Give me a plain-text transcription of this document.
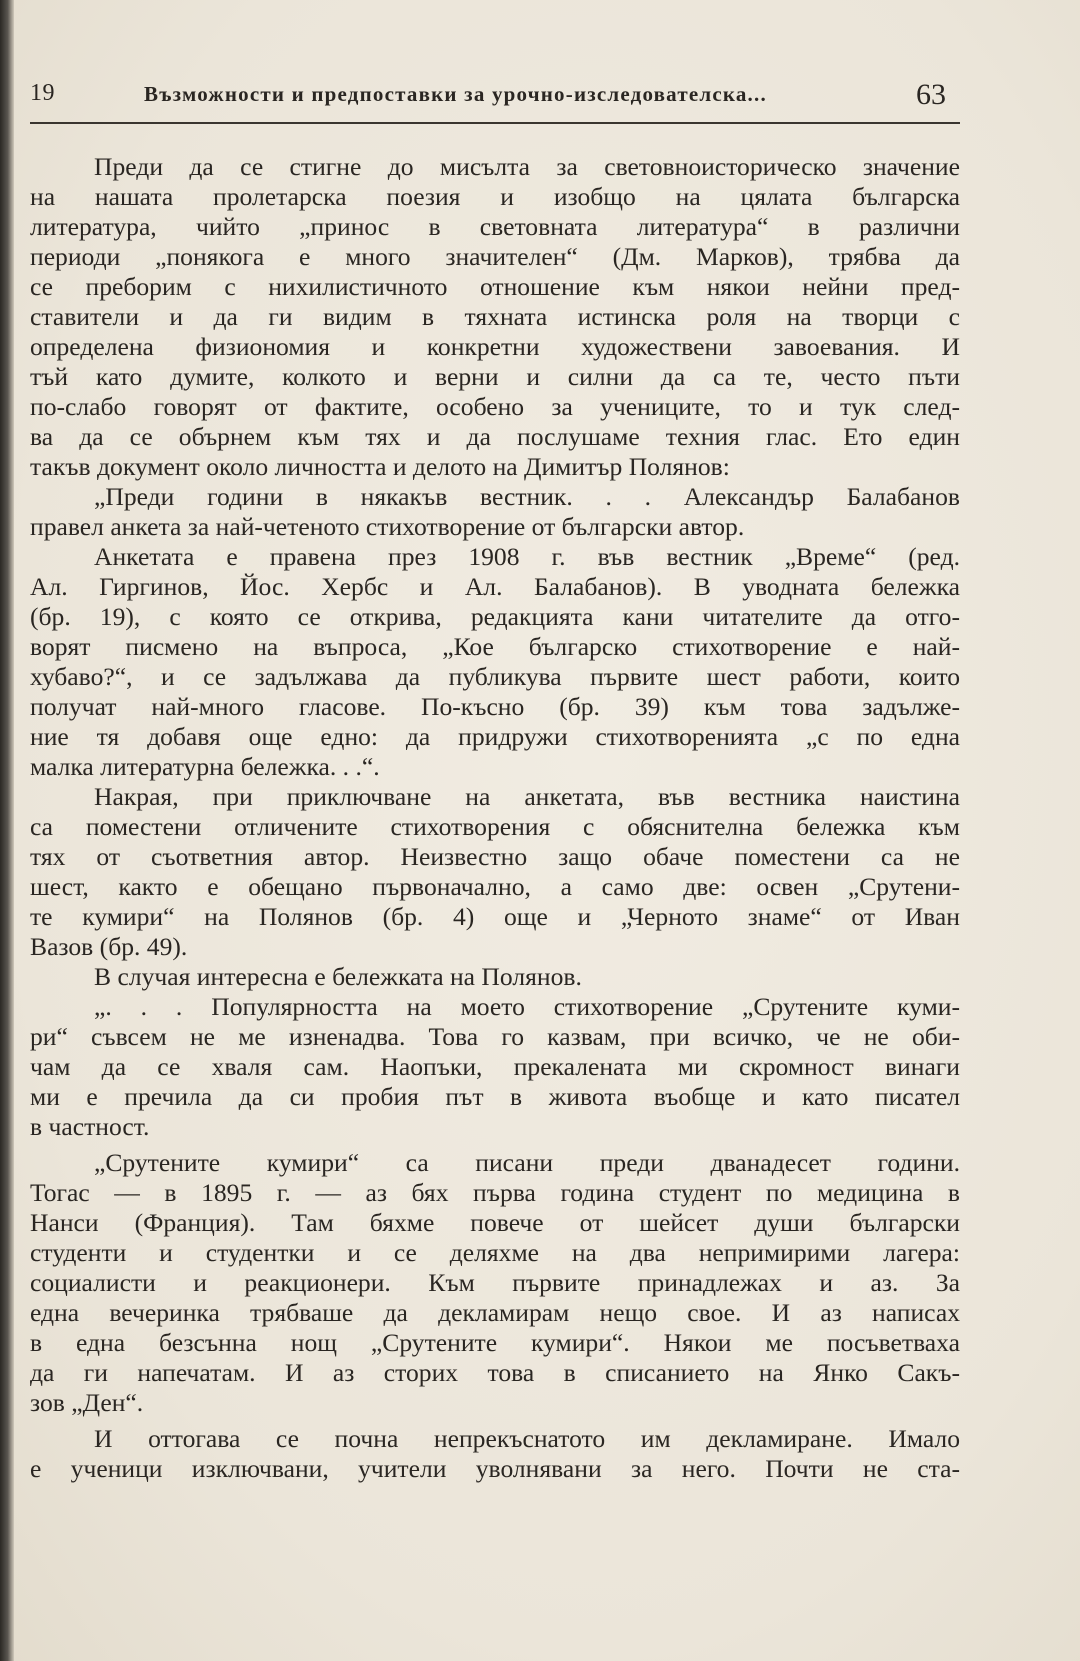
19	Възможности и предпоставки за урочно-изследователска...	63
Преди да се стигне до мисълта за световноисторическо значение
на нашата пролетарска поезия и изобщо на цялата българска
литература, чийто „принос в световната литература“ в различни
периоди „понякога е много значителен“ (Дм. Марков), трябва да
се преборим с нихилистичното отношение към някои нейни пред-
ставители и да ги видим в тяхната истинска роля на творци с
определена физиономия и конкретни художествени завоевания. И
тъй като думите, колкото и верни и силни да са те, често пъти
по-слабо говорят от фактите, особено за учениците, то и тук след-
ва да се обърнем към тях и да послушаме техния глас. Ето един
такъв документ около личността и делото на Димитър Полянов:
„Преди години в някакъв вестник. . . Александър Балабанов
правел анкета за най-четеното стихотворение от български автор.
Анкетата е правена през 1908 г. във вестник „Време“ (ред.
Ал. Гиргинов, Йос. Хербс и Ал. Балабанов). В уводната бележка
(бр. 19), с която се открива, редакцията кани читателите да отго-
ворят писмено на въпроса, „Кое българско стихотворение е най-
хубаво?“, и се задължава да публикува първите шест работи, които
получат най-много гласове. По-късно (бр. 39) към това задълже-
ние тя добавя още едно: да придружи стихотворенията „с по една
малка литературна бележка. . .“.
Накрая, при приключване на анкетата, във вестника наистина
са поместени отличените стихотворения с обяснителна бележка към
тях от съответния автор. Неизвестно защо обаче поместени са не
шест, както е обещано първоначално, а само две: освен „Срутени-
те кумири“ на Полянов (бр. 4) още и „Черното знаме“ от Иван
Вазов (бр. 49).
В случая интересна е бележката на Полянов.
„. . . Популярността на моето стихотворение „Срутените куми-
ри“ съвсем не ме изненадва. Това го казвам, при всичко, че не оби-
чам да се хваля сам. Наопъки, прекалената ми скромност винаги
ми е пречила да си пробия път в живота въобще и като писател
в частност.
„Срутените кумири“ са писани преди дванадесет години.
Тогас — в 1895 г. — аз бях първа година студент по медицина в
Нанси (Франция). Там бяхме повече от шейсет души български
студенти и студентки и се деляхме на два непримирими лагера:
социалисти и реакционери. Към първите принадлежах и аз. За
една вечеринка трябваше да декламирам нещо свое. И аз написах
в една безсънна нощ „Срутените кумири“. Някои ме посъветваха
да ги напечатам. И аз сторих това в списанието на Янко Сакъ-
зов „Ден“.
И оттогава се почна непрекъснатото им декламиране. Имало
е ученици изключвани, учители уволнявани за него. Почти не ста-
